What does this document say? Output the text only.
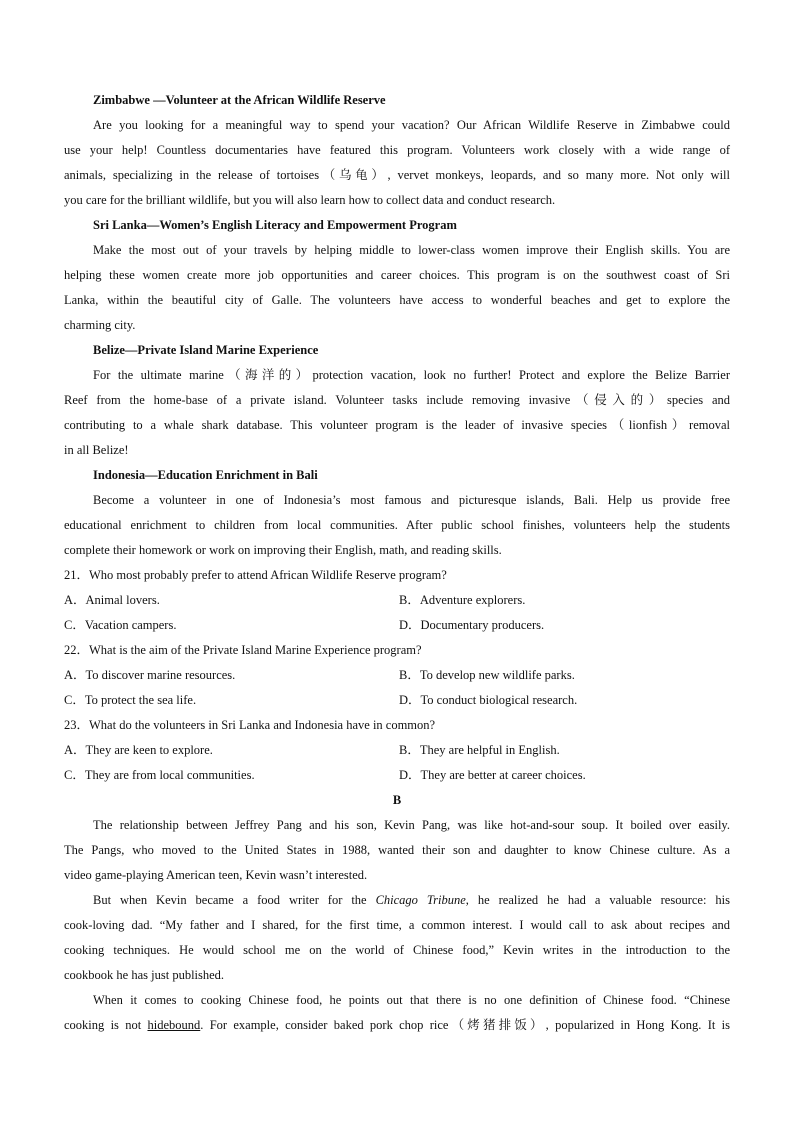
Zimbabwe —Volunteer at the African Wildlife Reserve
Are you looking for a meaningful way to spend your vacation? Our African Wildlife Reserve in Zimbabwe could
use your help! Countless documentaries have featured this program. Volunteers work closely with a wide range of
animals, specializing in the release of tortoises（乌龟）, vervet monkeys, leopards, and so many more. Not only will
you care for the brilliant wildlife, but you will also learn how to collect data and conduct research.
Sri Lanka—Women’s English Literacy and Empowerment Program
Make the most out of your travels by helping middle to lower-class women improve their English skills. You are
helping these women create more job opportunities and career choices. This program is on the southwest coast of Sri
Lanka, within the beautiful city of Galle. The volunteers have access to wonderful beaches and get to explore the
charming city.
Belize—Private Island Marine Experience
For the ultimate marine（海洋的）protection vacation, look no further! Protect and explore the Belize Barrier
Reef from the home-base of a private island. Volunteer tasks include removing invasive（侵入的）species and
contributing to a whale shark database. This volunteer program is the leader of invasive species（lionfish）removal
in all Belize!
Indonesia—Education Enrichment in Bali
Become a volunteer in one of Indonesia’s most famous and picturesque islands, Bali. Help us provide free
educational enrichment to children from local communities. After public school finishes, volunteers help the students
complete their homework or work on improving their English, math, and reading skills.
21．Who most probably prefer to attend African Wildlife Reserve program?
A．Animal lovers.	B．Adventure explorers.
C．Vacation campers.	D．Documentary producers.
22．What is the aim of the Private Island Marine Experience program?
A．To discover marine resources.	B．To develop new wildlife parks.
C．To protect the sea life.	D．To conduct biological research.
23．What do the volunteers in Sri Lanka and Indonesia have in common?
A．They are keen to explore.	B．They are helpful in English.
C．They are from local communities.	D．They are better at career choices.
B
The relationship between Jeffrey Pang and his son, Kevin Pang, was like hot-and-sour soup. It boiled over easily.
The Pangs, who moved to the United States in 1988, wanted their son and daughter to know Chinese culture. As a
video game-playing American teen, Kevin wasn’t interested.
But when Kevin became a food writer for the Chicago Tribune, he realized he had a valuable resource: his
cook-loving dad. “My father and I shared, for the first time, a common interest. I would call to ask about recipes and
cooking techniques. He would school me on the world of Chinese food,” Kevin writes in the introduction to the
cookbook he has just published.
When it comes to cooking Chinese food, he points out that there is no one definition of Chinese food. “Chinese
cooking is not hidebound. For example, consider baked pork chop rice（烤猪排饭）, popularized in Hong Kong. It is
